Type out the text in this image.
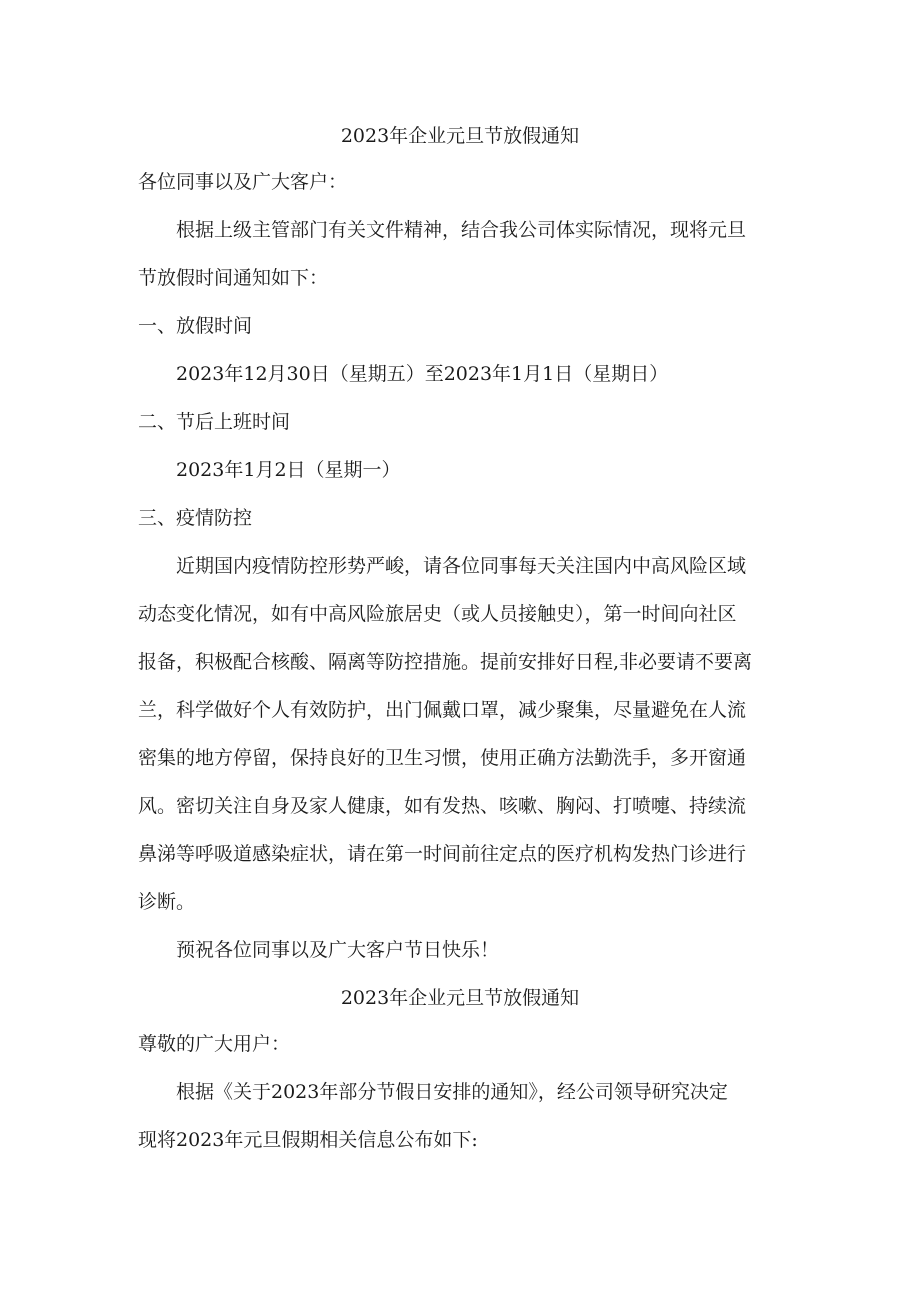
2023年企业元旦节放假通知

各位同事以及广大客户：

根据上级主管部门有关文件精神，结合我公司体实际情况，现将元旦

节放假时间通知如下：

一、放假时间

2023年12月30日（星期五）至2023年1月1日（星期日）

二、节后上班时间

2023年1月2日（星期一）

三、疫情防控

近期国内疫情防控形势严峻，请各位同事每天关注国内中高风险区域

动态变化情况，如有中高风险旅居史（或人员接触史），第一时间向社区

报备，积极配合核酸、隔离等防控措施。提前安排好日程,非必要请不要离

兰，科学做好个人有效防护，出门佩戴口罩，减少聚集，尽量避免在人流

密集的地方停留，保持良好的卫生习惯，使用正确方法勤洗手，多开窗通

风。密切关注自身及家人健康，如有发热、咳嗽、胸闷、打喷嚏、持续流

鼻涕等呼吸道感染症状，请在第一时间前往定点的医疗机构发热门诊进行

诊断。

预祝各位同事以及广大客户节日快乐！

2023年企业元旦节放假通知

尊敬的广大用户：

根据《关于2023年部分节假日安排的通知》，经公司领导研究决定

现将2023年元旦假期相关信息公布如下:
